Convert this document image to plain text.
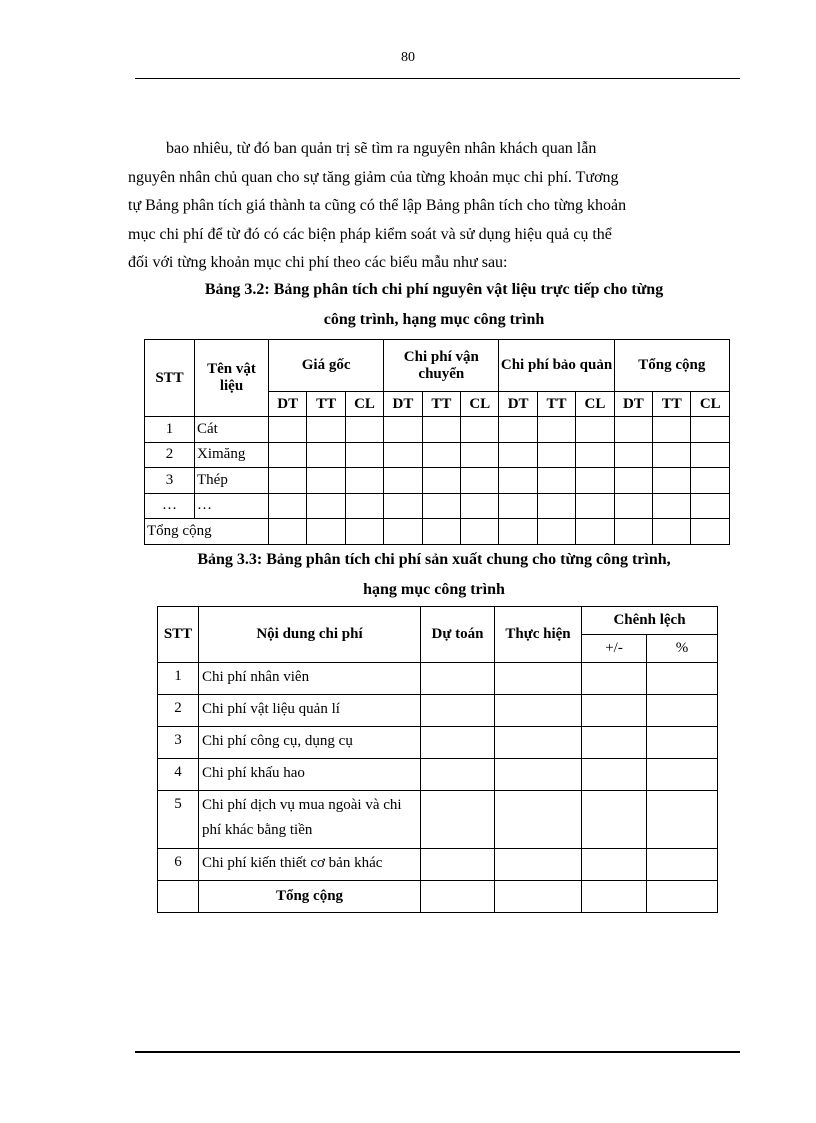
80
bao nhiêu, từ đó ban quản trị sẽ tìm ra nguyên nhân khách quan lẫn
nguyên nhân chủ quan cho sự tăng giảm của từng khoản mục chi phí. Tương
tự Bảng phân tích giá thành ta cũng có thể lập Bảng phân tích cho từng khoản
mục chi phí để từ đó có các biện pháp kiểm soát và sử dụng hiệu quả cụ thể
đối với từng khoản mục chi phí theo các biểu mẫu như sau:
Bảng 3.2: Bảng phân tích chi phí nguyên vật liệu trực tiếp cho từng
công trình, hạng mục công trình
STT	Tên vật liệu	Giá gốc			Chi phí vận chuyển			Chi phí bảo quản			Tổng cộng		
		DT	TT	CL	DT	TT	CL	DT	TT	CL	DT	TT	CL
1	Cát												
2	Ximăng												
3	Thép												
…	…												
Tổng cộng													
Bảng 3.3: Bảng phân tích chi phí sản xuất chung cho từng công trình,
hạng mục công trình
STT	Nội dung chi phí	Dự toán	Thực hiện	Chênh lệch	
				+/-	%
1	Chi phí nhân viên				
2	Chi phí vật liệu quản lí				
3	Chi phí công cụ, dụng cụ				
4	Chi phí khấu hao				
5	Chi phí dịch vụ mua ngoài và chi phí khác bằng tiền				
6	Chi phí kiến thiết cơ bản khác				
	Tổng cộng				
